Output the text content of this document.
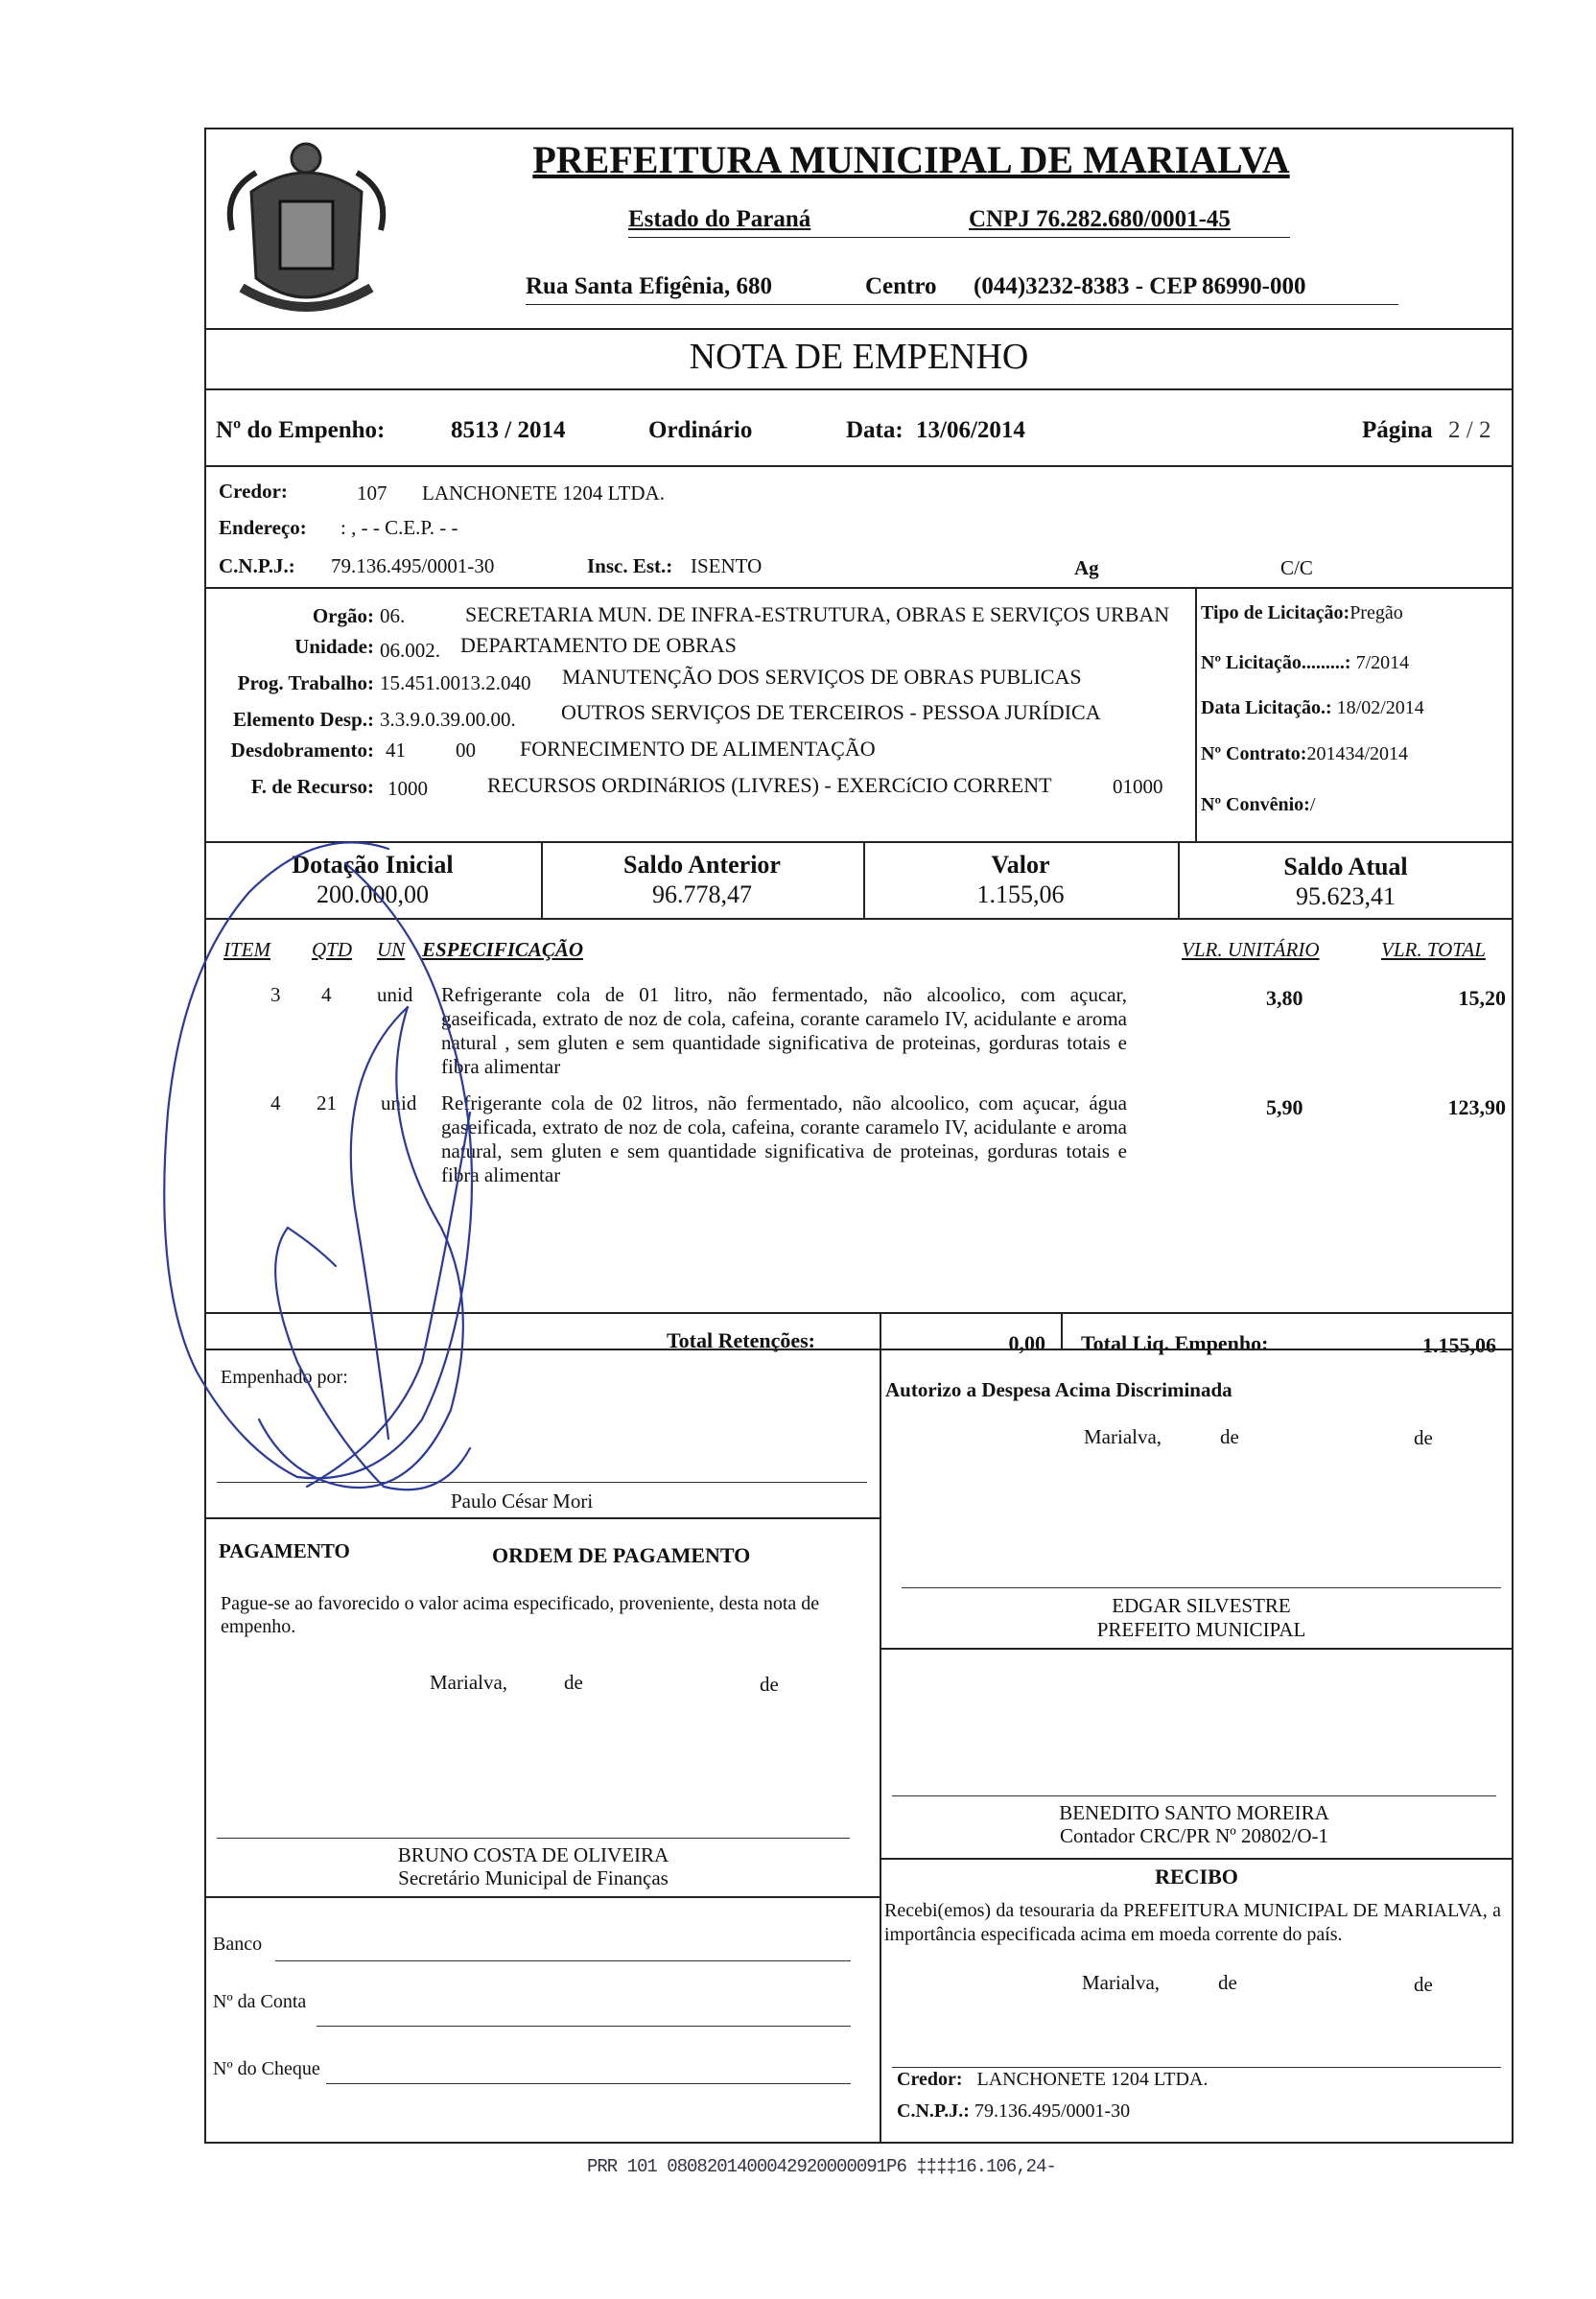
PREFEITURA MUNICIPAL DE MARIALVA
Estado do Paraná	CNPJ 76.282.680/0001-45
Rua Santa Efigênia, 680	Centro (044)3232-8383 - CEP 86990-000
NOTA DE EMPENHO
Nº do Empenho:	8513 / 2014	Ordinário	Data: 13/06/2014	Página 2 / 2
Credor:	107 LANCHONETE 1204 LTDA.
Endereço: : , - - C.E.P. - -
C.N.P.J.: 79.136.495/0001-30	Insc. Est.: ISENTO	Ag	C/C
Orgão: 06.	SECRETARIA MUN. DE INFRA-ESTRUTURA, OBRAS E SERVIÇOS URBAN
Unidade: 06.002. DEPARTAMENTO DE OBRAS
Prog. Trabalho: 15.451.0013.2.040 MANUTENÇÃO DOS SERVIÇOS DE OBRAS PUBLICAS
Elemento Desp.: 3.3.9.0.39.00.00. OUTROS SERVIÇOS DE TERCEIROS - PESSOA JURÍDICA
Desdobramento: 41 00 FORNECIMENTO DE ALIMENTAÇÃO
F. de Recurso: 1000	RECURSOS ORDINáRIOS (LIVRES) - EXERCíCIO CORRENT	01000
Tipo de Licitação:Pregão
Nº Licitação.........: 7/2014
Data Licitação.: 18/02/2014
Nº Contrato:201434/2014
Nº Convênio:/
Dotação Inicial
200.000,00
Saldo Anterior
96.778,47
Valor
1.155,06
Saldo Atual
95.623,41
ITEM QTD UN ESPECIFICAÇÃO	VLR. UNITÁRIO	VLR. TOTAL
3 4 unid Refrigerante cola de 01 litro, não fermentado, não alcoolico, com açucar, gaseificada, extrato de noz de cola, cafeina, corante caramelo IV, acidulante e aroma natural , sem gluten e sem quantidade significativa de proteinas, gorduras totais e fibra alimentar
3,80	15,20
4 21 unid Refrigerante cola de 02 litros, não fermentado, não alcoolico, com açucar, água gaseificada, extrato de noz de cola, cafeina, corante caramelo IV, acidulante e aroma natural, sem gluten e sem quantidade significativa de proteinas, gorduras totais e fibra alimentar
5,90	123,90
Total Retenções:	0,00 Total Liq. Empenho:	1.155,06
Empenhado por:
Paulo César Mori
Autorizo a Despesa Acima Discriminada
Marialva,	de	de
PAGAMENTO	ORDEM DE PAGAMENTO
Pague-se ao favorecido o valor acima especificado, proveniente, desta nota de empenho.
Marialva,	de	de
EDGAR SILVESTRE
PREFEITO MUNICIPAL
BENEDITO SANTO MOREIRA
Contador CRC/PR Nº 20802/O-1
BRUNO COSTA DE OLIVEIRA
Secretário Municipal de Finanças	RECIBO
Recebi(emos) da tesouraria da PREFEITURA MUNICIPAL DE MARIALVA, a importância especificada acima em moeda corrente do país.
Marialva,	de	de
Credor: LANCHONETE 1204 LTDA.
C.N.P.J.: 79.136.495/0001-30
Banco
Nº da Conta
Nº do Cheque
PRR 101 0808201400042920000091P6 ‡‡‡‡16.106,24-
